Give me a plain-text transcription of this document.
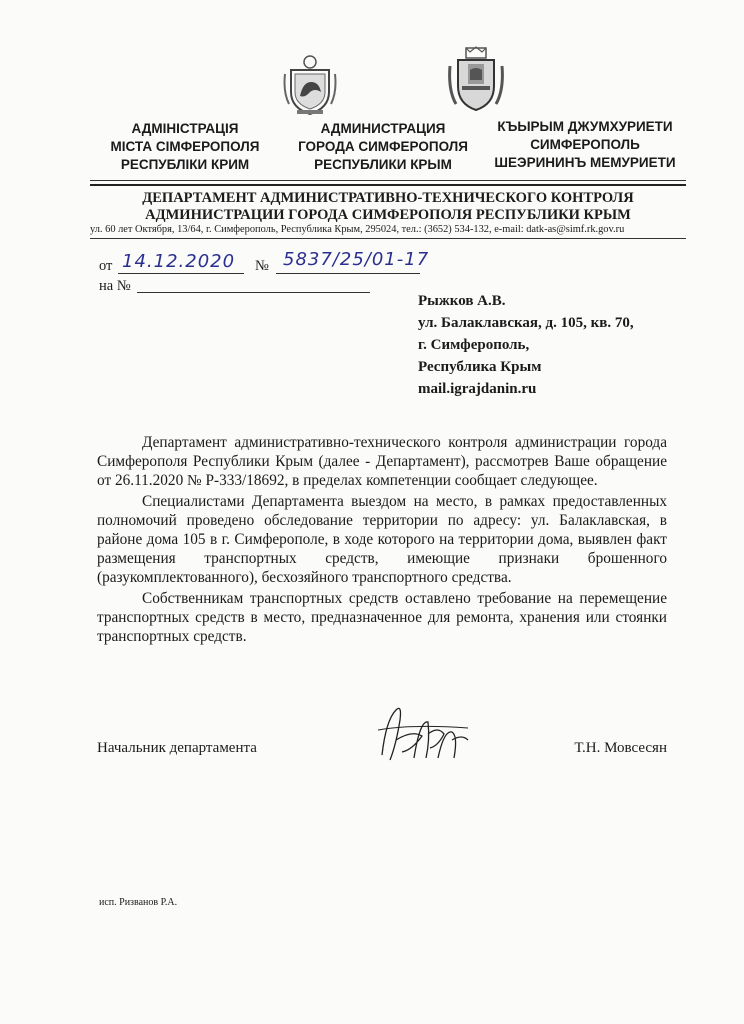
АДМІНІСТРАЦІЯ
МІСТА СІМФЕРОПОЛЯ
РЕСПУБЛІКИ КРИМ
АДМИНИСТРАЦИЯ
ГОРОДА СИМФЕРОПОЛЯ
РЕСПУБЛИКИ КРЫМ
КЪЫРЫМ ДЖУМХУРИЕТИ
СИМФЕРОПОЛЬ
ШЕЭРИНИНЪ МЕМУРИЕТИ
ДЕПАРТАМЕНТ АДМИНИСТРАТИВНО-ТЕХНИЧЕСКОГО КОНТРОЛЯ
АДМИНИСТРАЦИИ ГОРОДА СИМФЕРОПОЛЯ РЕСПУБЛИКИ КРЫМ
ул. 60 лет Октября, 13/64, г. Симферополь, Республика Крым, 295024, тел.: (3652) 534-132, e-mail: datk-as@simf.rk.gov.ru
от 14.12.2020 № 5837/25/01-17
на №
Рыжков А.В.
ул. Балаклавская, д. 105, кв. 70,
г. Симферополь,
Республика Крым
mail.igrajdanin.ru

Департамент административно-технического контроля администрации города Симферополя Республики Крым (далее - Департамент), рассмотрев Ваше обращение от 26.11.2020 № Р-333/18692, в пределах компетенции сообщает следующее.

Специалистами Департамента выездом на место, в рамках предоставленных полномочий проведено обследование территории по адресу: ул. Балаклавская, в районе дома 105 в г. Симферополе, в ходе которого на территории дома, выявлен факт размещения транспортных средств, имеющие признаки брошенного (разукомплектованного), бесхозяйного транспортного средства.

Собственникам транспортных средств оставлено требование на перемещение транспортных средств в место, предназначенное для ремонта, хранения или стоянки транспортных средств.

Начальник департамента	Т.Н. Мовсесян
исп. Ризванов Р.А.
